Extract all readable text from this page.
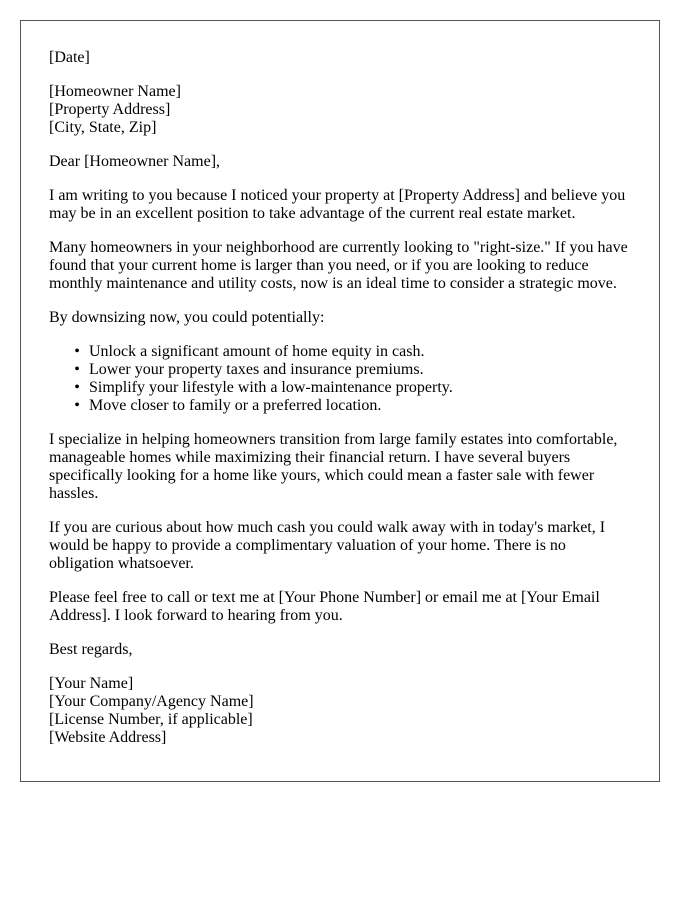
[Date]

[Homeowner Name]

[Property Address]

[City, State, Zip]

Dear [Homeowner Name],

I am writing to you because I noticed your property at [Property Address] and believe you may be in an excellent position to take advantage of the current real estate market.

Many homeowners in your neighborhood are currently looking to "right-size." If you have found that your current home is larger than you need, or if you are looking to reduce monthly maintenance and utility costs, now is an ideal time to consider a strategic move.

By downsizing now, you could potentially:

• Unlock a significant amount of home equity in cash.
• Lower your property taxes and insurance premiums.
• Simplify your lifestyle with a low-maintenance property.
• Move closer to family or a preferred location.

I specialize in helping homeowners transition from large family estates into comfortable, manageable homes while maximizing their financial return. I have several buyers specifically looking for a home like yours, which could mean a faster sale with fewer hassles.

If you are curious about how much cash you could walk away with in today's market, I would be happy to provide a complimentary valuation of your home. There is no obligation whatsoever.

Please feel free to call or text me at [Your Phone Number] or email me at [Your Email Address]. I look forward to hearing from you.

Best regards,

[Your Name]

[Your Company/Agency Name]

[License Number, if applicable]

[Website Address]
